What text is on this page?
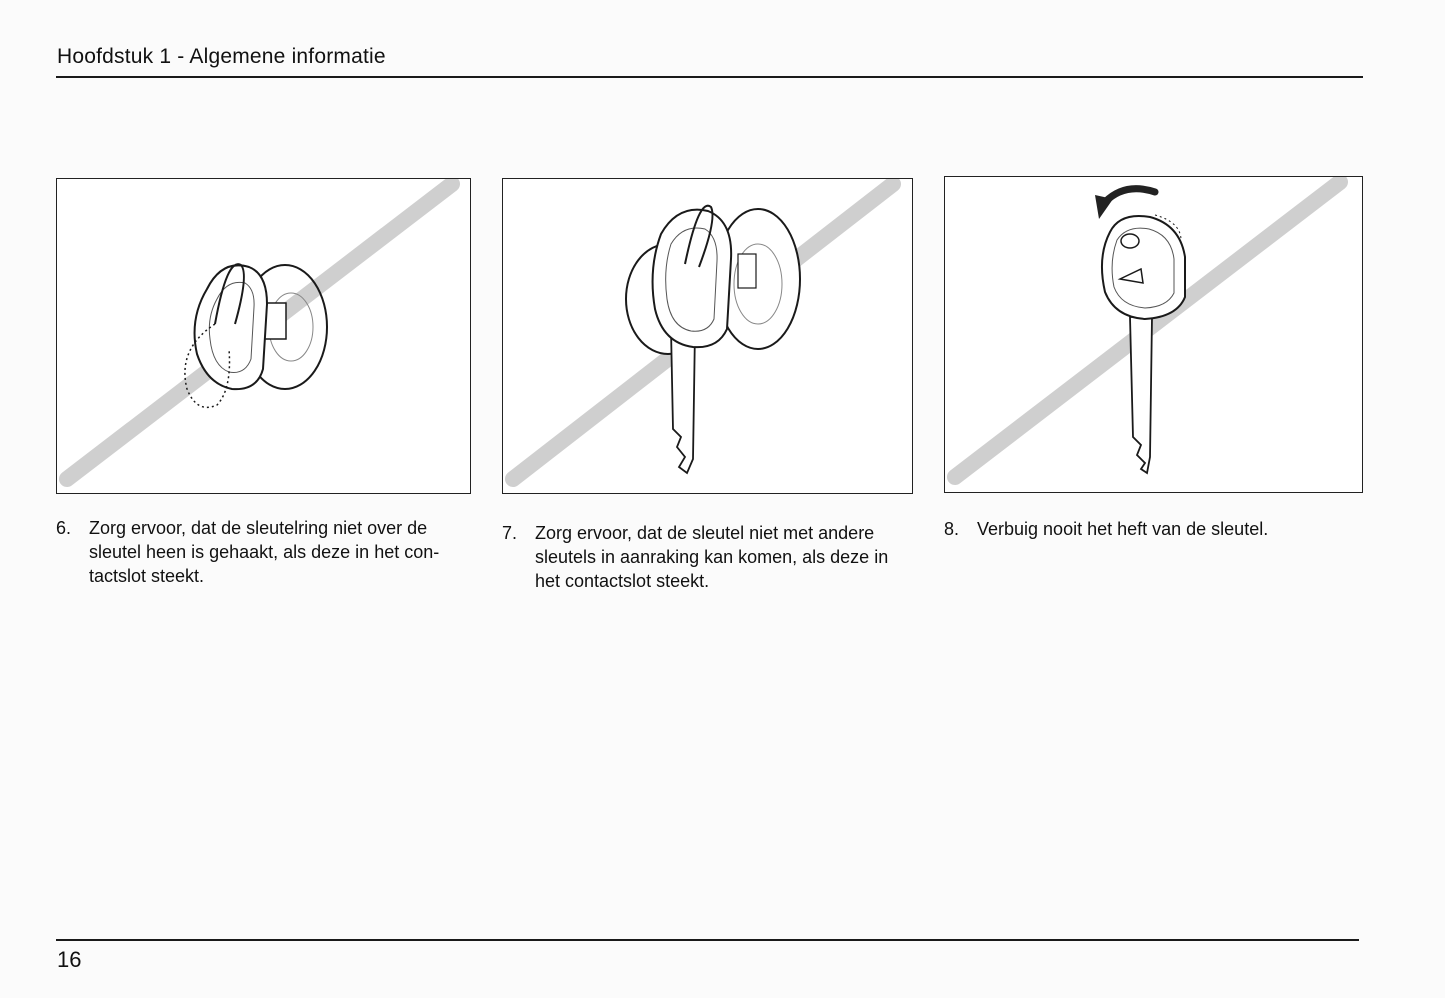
Hoofdstuk 1 - Algemene informatie
6. Zorg ervoor, dat de sleutelring niet over de
sleutel heen is gehaakt, als deze in het con-
tactslot steekt.
7. Zorg ervoor, dat de sleutel niet met andere
sleutels in aanraking kan komen, als deze in
het contactslot steekt.
8. Verbuig nooit het heft van de sleutel.
16
